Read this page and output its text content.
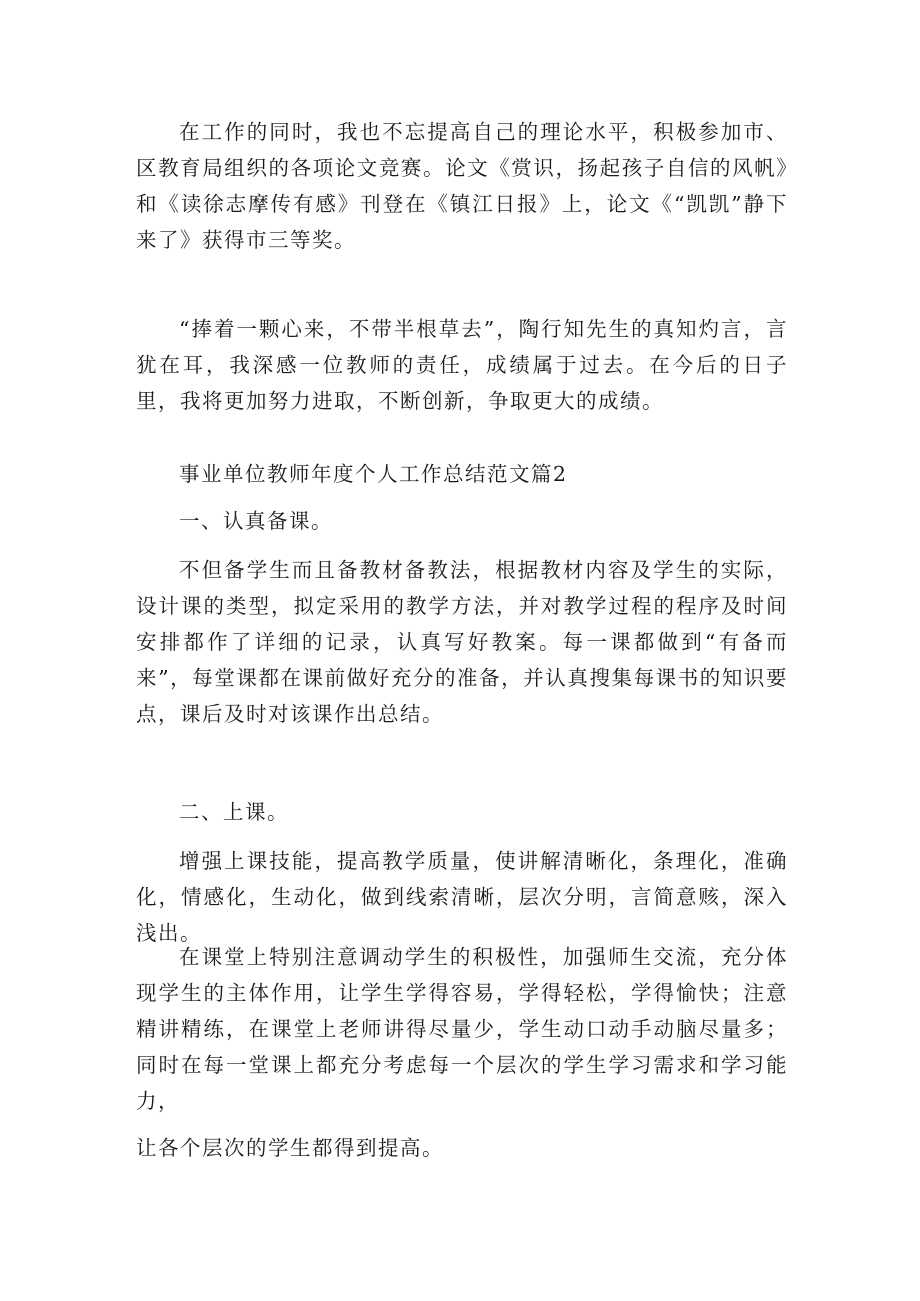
在工作的同时，我也不忘提高自己的理论水平，积极参加市、区教育局组织的各项论文竞赛。论文《赏识，扬起孩子自信的风帆》和《读徐志摩传有感》刊登在《镇江日报》上，论文《“凯凯”静下来了》获得市三等奖。

“捧着一颗心来，不带半根草去”，陶行知先生的真知灼言，言犹在耳，我深感一位教师的责任，成绩属于过去。在今后的日子里，我将更加努力进取，不断创新，争取更大的成绩。

事业单位教师年度个人工作总结范文篇2

一、认真备课。

不但备学生而且备教材备教法，根据教材内容及学生的实际，设计课的类型，拟定采用的教学方法，并对教学过程的程序及时间安排都作了详细的记录，认真写好教案。每一课都做到“有备而来”，每堂课都在课前做好充分的准备，并认真搜集每课书的知识要点，课后及时对该课作出总结。

二、上课。

增强上课技能，提高教学质量，使讲解清晰化，条理化，准确化，情感化，生动化，做到线索清晰，层次分明，言简意赅，深入浅出。

在课堂上特别注意调动学生的积极性，加强师生交流，充分体现学生的主体作用，让学生学得容易，学得轻松，学得愉快；注意精讲精练，在课堂上老师讲得尽量少，学生动口动手动脑尽量多；同时在每一堂课上都充分考虑每一个层次的学生学习需求和学习能力，

让各个层次的学生都得到提高。
